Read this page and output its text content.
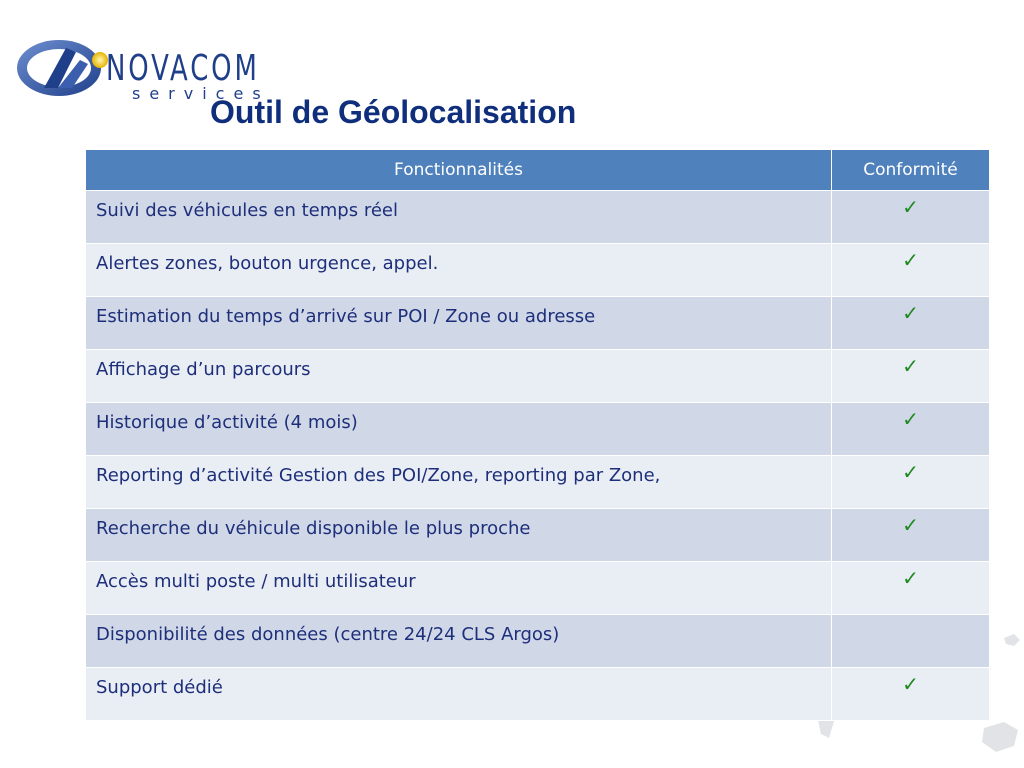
NOVACOM
services
Outil de Géolocalisation
Fonctionnalités	Conformité

Suivi des véhicules en temps réel	✓

Alertes zones, bouton urgence, appel.	✓

Estimation du temps d’arrivé sur POI / Zone ou adresse	✓

Affichage d’un parcours	✓

Historique d’activité (4 mois)	✓

Reporting d’activité Gestion des POI/Zone, reporting par Zone,	✓

Recherche du véhicule disponible le plus proche	✓

Accès multi poste / multi utilisateur	✓

Disponibilité des données (centre 24/24 CLS Argos)	

Support dédié	✓
